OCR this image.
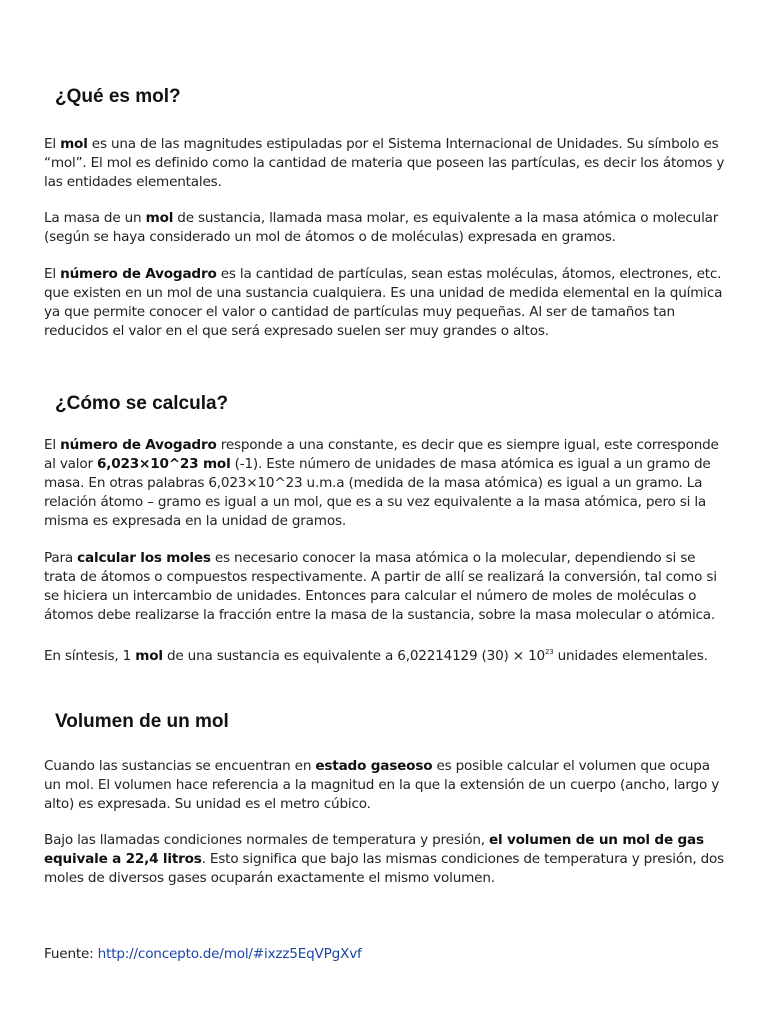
¿Qué es mol?

El mol es una de las magnitudes estipuladas por el Sistema Internacional de Unidades. Su símbolo es “mol”. El mol es definido como la cantidad de materia que poseen las partículas, es decir los átomos y las entidades elementales.

La masa de un mol de sustancia, llamada masa molar, es equivalente a la masa atómica o molecular (según se haya considerado un mol de átomos o de moléculas) expresada en gramos.

El número de Avogadro es la cantidad de partículas, sean estas moléculas, átomos, electrones, etc. que existen en un mol de una sustancia cualquiera. Es una unidad de medida elemental en la química ya que permite conocer el valor o cantidad de partículas muy pequeñas. Al ser de tamaños tan reducidos el valor en el que será expresado suelen ser muy grandes o altos.

¿Cómo se calcula?

El número de Avogadro responde a una constante, es decir que es siempre igual, este corresponde al valor 6,023×10^23 mol (-1). Este número de unidades de masa atómica es igual a un gramo de masa. En otras palabras 6,023×10^23 u.m.a (medida de la masa atómica) es igual a un gramo. La relación átomo – gramo es igual a un mol, que es a su vez equivalente a la masa atómica, pero si la misma es expresada en la unidad de gramos.

Para calcular los moles es necesario conocer la masa atómica o la molecular, dependiendo si se trata de átomos o compuestos respectivamente. A partir de allí se realizará la conversión, tal como si se hiciera un intercambio de unidades. Entonces para calcular el número de moles de moléculas o átomos debe realizarse la fracción entre la masa de la sustancia, sobre la masa molecular o atómica.

En síntesis, 1 mol de una sustancia es equivalente a 6,02214129 $(30) \times 10^{23}$ unidades elementales.

Volumen de un mol

Cuando las sustancias se encuentran en estado gaseoso es posible calcular el volumen que ocupa un mol. El volumen hace referencia a la magnitud en la que la extensión de un cuerpo (ancho, largo y alto) es expresada. Su unidad es el metro cúbico.

Bajo las llamadas condiciones normales de temperatura y presión, el volumen de un mol de gas equivale a 22,4 litros. Esto significa que bajo las mismas condiciones de temperatura y presión, dos moles de diversos gases ocuparán exactamente el mismo volumen.

Fuente: http://concepto.de/mol/#ixzz5EqVPgXvf
